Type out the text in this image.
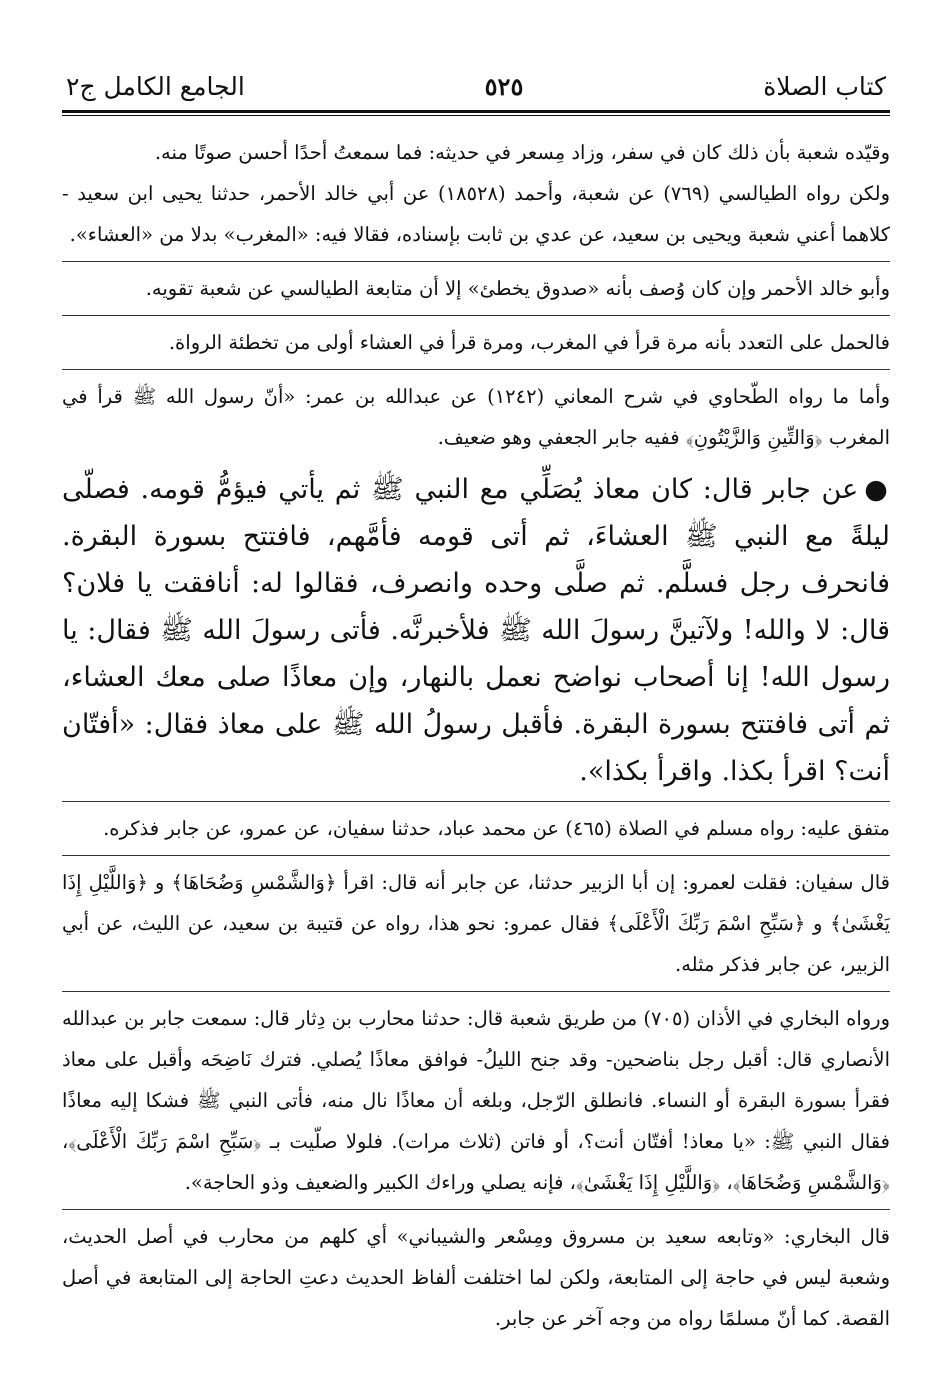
كتاب الصلاة
٥٢٥
الجامع الكامل ج٢

وقيّده شعبة بأن ذلك كان في سفر، وزاد مِسعر في حديثه: فما سمعتُ أحدًا أحسن صوتًا منه.

ولكن رواه الطيالسي (٧٦٩) عن شعبة، وأحمد (١٨٥٢٨) عن أبي خالد الأحمر، حدثنا يحيى ابن سعيد - كلاهما أعني شعبة ويحيى بن سعيد، عن عدي بن ثابت بإسناده، فقالا فيه: «المغرب» بدلا من «العشاء».

وأبو خالد الأحمر وإن كان وُصف بأنه «صدوق يخطئ» إلا أن متابعة الطيالسي عن شعبة تقويه.

فالحمل على التعدد بأنه مرة قرأ في المغرب، ومرة قرأ في العشاء أولى من تخطئة الرواة.

وأما ما رواه الطّحاوي في شرح المعاني (١٢٤٢) عن عبدالله بن عمر: «أنّ رسول الله ﷺ قرأ في المغرب ﴿وَالتِّينِ وَالزَّيْتُونِ﴾ ففيه جابر الجعفي وهو ضعيف.

●عن جابر قال: كان معاذ يُصَلِّي مع النبي ﷺ ثم يأتي فيؤمُّ قومه. فصلّى ليلةً مع النبي ﷺ العشاءَ، ثم أتى قومه فأمَّهم، فافتتح بسورة البقرة. فانحرف رجل فسلَّم. ثم صلَّى وحده وانصرف، فقالوا له: أنافقت يا فلان؟ قال: لا والله! ولآتينَّ رسولَ الله ﷺ فلأخبرنَّه. فأتى رسولَ الله ﷺ فقال: يا رسول الله! إنا أصحاب نواضح نعمل بالنهار، وإن معاذًا صلى معك العشاء، ثم أتى فافتتح بسورة البقرة. فأقبل رسولُ الله ﷺ على معاذ فقال: «أفتّان أنت؟ اقرأ بكذا. واقرأ بكذا».

متفق عليه: رواه مسلم في الصلاة (٤٦٥) عن محمد عباد، حدثنا سفيان، عن عمرو، عن جابر فذكره.

قال سفيان: فقلت لعمرو: إن أبا الزبير حدثنا، عن جابر أنه قال: اقرأ ﴿وَالشَّمْسِ وَضُحَاهَا﴾ و ﴿وَاللَّيْلِ إِذَا يَغْشَىٰ﴾ و ﴿سَبِّحِ اسْمَ رَبِّكَ الْأَعْلَى﴾ فقال عمرو: نحو هذا، رواه عن قتيبة بن سعيد، عن الليث، عن أبي الزبير، عن جابر فذكر مثله.

ورواه البخاري في الأذان (٧٠٥) من طريق شعبة قال: حدثنا محارب بن دِثار قال: سمعت جابر بن عبدالله الأنصاري قال: أقبل رجل بناضحين- وقد جنح الليلُ- فوافق معاذًا يُصلي. فترك نَاضِحَه وأقبل على معاذ فقرأ بسورة البقرة أو النساء. فانطلق الرّجل، وبلغه أن معاذًا نال منه، فأتى النبي ﷺ فشكا إليه معاذًا فقال النبي ﷺ: «يا معاذ! أفتّان أنت؟، أو فاتن (ثلاث مرات). فلولا صلّيت بـ ﴿سَبِّحِ اسْمَ رَبِّكَ الْأَعْلَى﴾، ﴿وَالشَّمْسِ وَضُحَاهَا﴾، ﴿وَاللَّيْلِ إِذَا يَغْشَىٰ﴾، فإنه يصلي وراءك الكبير والضعيف وذو الحاجة».

قال البخاري: «وتابعه سعيد بن مسروق ومِسْعر والشيباني» أي كلهم من محارب في أصل الحديث، وشعبة ليس في حاجة إلى المتابعة، ولكن لما اختلفت ألفاظ الحديث دعتِ الحاجة إلى المتابعة في أصل القصة. كما أنّ مسلمًا رواه من وجه آخر عن جابر.
